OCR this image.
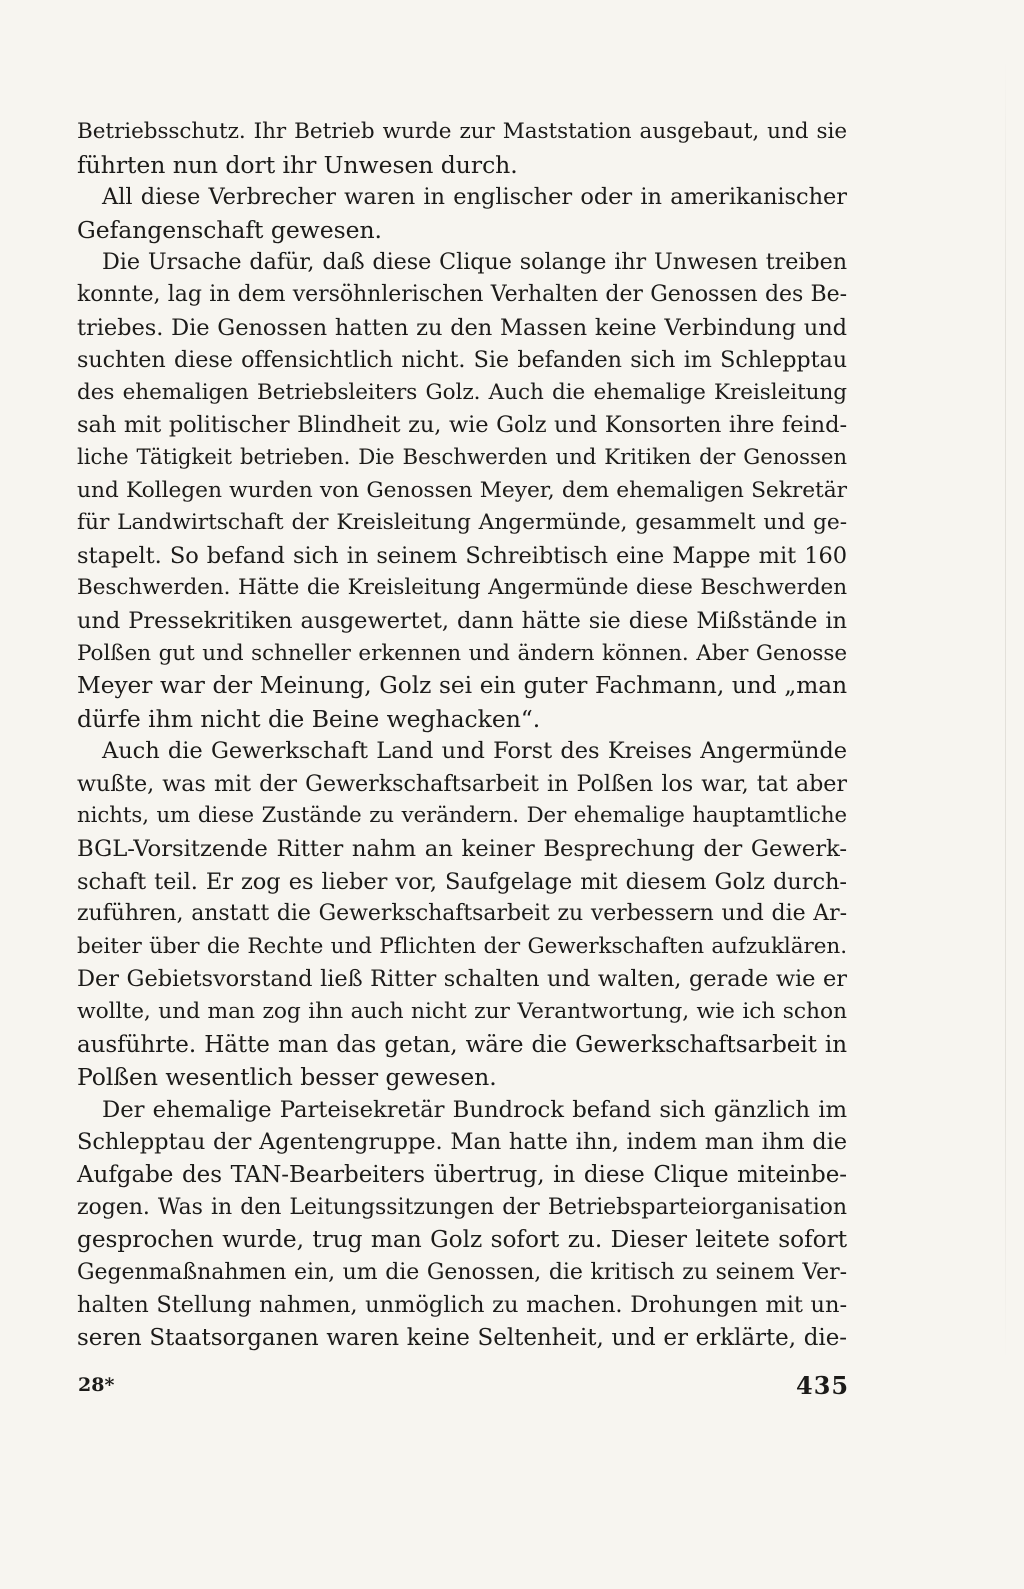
Betriebsschutz. Ihr Betrieb wurde zur Maststation ausgebaut, und sie
führten nun dort ihr Unwesen durch.
All diese Verbrecher waren in englischer oder in amerikanischer
Gefangenschaft gewesen.
Die Ursache dafür, daß diese Clique solange ihr Unwesen treiben
konnte, lag in dem versöhnlerischen Verhalten der Genossen des Be-
triebes. Die Genossen hatten zu den Massen keine Verbindung und
suchten diese offensichtlich nicht. Sie befanden sich im Schlepptau
des ehemaligen Betriebsleiters Golz. Auch die ehemalige Kreisleitung
sah mit politischer Blindheit zu, wie Golz und Konsorten ihre feind-
liche Tätigkeit betrieben. Die Beschwerden und Kritiken der Genossen
und Kollegen wurden von Genossen Meyer, dem ehemaligen Sekretär
für Landwirtschaft der Kreisleitung Angermünde, gesammelt und ge-
stapelt. So befand sich in seinem Schreibtisch eine Mappe mit 160
Beschwerden. Hätte die Kreisleitung Angermünde diese Beschwerden
und Pressekritiken ausgewertet, dann hätte sie diese Mißstände in
Polßen gut und schneller erkennen und ändern können. Aber Genosse
Meyer war der Meinung, Golz sei ein guter Fachmann, und „man
dürfe ihm nicht die Beine weghacken“.
Auch die Gewerkschaft Land und Forst des Kreises Angermünde
wußte, was mit der Gewerkschaftsarbeit in Polßen los war, tat aber
nichts, um diese Zustände zu verändern. Der ehemalige hauptamtliche
BGL-Vorsitzende Ritter nahm an keiner Besprechung der Gewerk-
schaft teil. Er zog es lieber vor, Saufgelage mit diesem Golz durch-
zuführen, anstatt die Gewerkschaftsarbeit zu verbessern und die Ar-
beiter über die Rechte und Pflichten der Gewerkschaften aufzuklären.
Der Gebietsvorstand ließ Ritter schalten und walten, gerade wie er
wollte, und man zog ihn auch nicht zur Verantwortung, wie ich schon
ausführte. Hätte man das getan, wäre die Gewerkschaftsarbeit in
Polßen wesentlich besser gewesen.
Der ehemalige Parteisekretär Bundrock befand sich gänzlich im
Schlepptau der Agentengruppe. Man hatte ihn, indem man ihm die
Aufgabe des TAN-Bearbeiters übertrug, in diese Clique miteinbe-
zogen. Was in den Leitungssitzungen der Betriebsparteiorganisation
gesprochen wurde, trug man Golz sofort zu. Dieser leitete sofort
Gegenmaßnahmen ein, um die Genossen, die kritisch zu seinem Ver-
halten Stellung nahmen, unmöglich zu machen. Drohungen mit un-
seren Staatsorganen waren keine Seltenheit, und er erklärte, die-
28*	435
